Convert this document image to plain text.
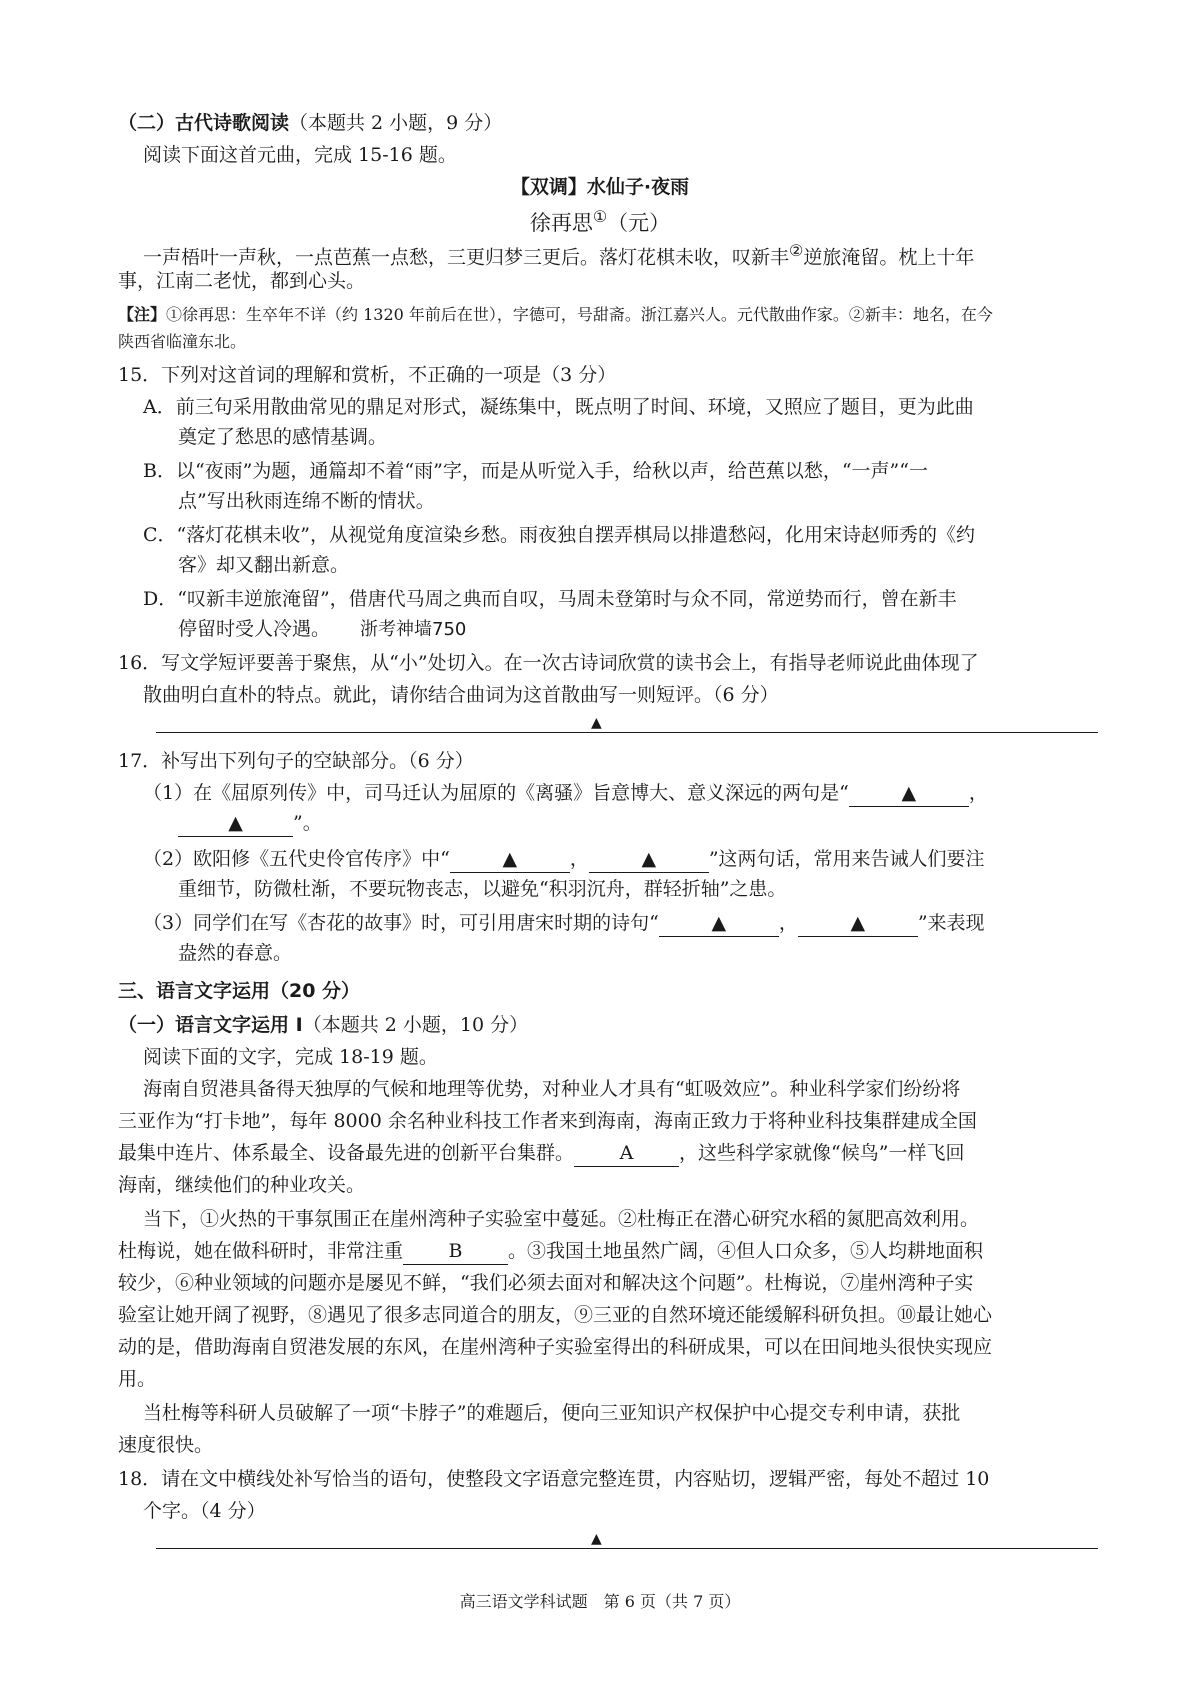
（二）古代诗歌阅读（本题共 2 小题，9 分）
阅读下面这首元曲，完成 15-16 题。
【双调】水仙子·夜雨
徐再思①（元）
一声梧叶一声秋，一点芭蕉一点愁，三更归梦三更后。落灯花棋未收，叹新丰②逆旅淹留。枕上十年
事，江南二老忧，都到心头。
【注】①徐再思：生卒年不详（约 1320 年前后在世），字德可，号甜斋。浙江嘉兴人。元代散曲作家。②新丰：地名，在今
陕西省临潼东北。
15．下列对这首词的理解和赏析，不正确的一项是（3 分）
A．前三句采用散曲常见的鼎足对形式，凝练集中，既点明了时间、环境，又照应了题目，更为此曲
奠定了愁思的感情基调。
B．以“夜雨”为题，通篇却不着“雨”字，而是从听觉入手，给秋以声，给芭蕉以愁，“一声”“一
点”写出秋雨连绵不断的情状。
C．“落灯花棋未收”，从视觉角度渲染乡愁。雨夜独自摆弄棋局以排遣愁闷，化用宋诗赵师秀的《约
客》却又翻出新意。
D．“叹新丰逆旅淹留”，借唐代马周之典而自叹，马周未登第时与众不同，常逆势而行，曾在新丰
停留时受人冷遇。 浙考神墙750
16．写文学短评要善于聚焦，从“小”处切入。在一次古诗词欣赏的读书会上，有指导老师说此曲体现了
散曲明白直朴的特点。就此，请你结合曲词为这首散曲写一则短评。（6 分）
▲
17．补写出下列句子的空缺部分。（6 分）
（1）在《屈原列传》中，司马迁认为屈原的《离骚》旨意博大、意义深远的两句是“	▲	，
▲	”。
（2）欧阳修《五代史伶官传序》中“	▲	，	▲	”这两句话，常用来告诫人们要注
重细节，防微杜渐，不要玩物丧志，以避免“积羽沉舟，群轻折轴”之患。
（3）同学们在写《杏花的故事》时，可引用唐宋时期的诗句“	▲	，	▲	”来表现
盎然的春意。
三、语言文字运用（20 分）
（一）语言文字运用 Ⅰ（本题共 2 小题，10 分）
阅读下面的文字，完成 18-19 题。
海南自贸港具备得天独厚的气候和地理等优势，对种业人才具有“虹吸效应”。种业科学家们纷纷将
三亚作为“打卡地”，每年 8000 余名种业科技工作者来到海南，海南正致力于将种业科技集群建成全国
最集中连片、体系最全、设备最先进的创新平台集群。 A ，这些科学家就像“候鸟”一样飞回
海南，继续他们的种业攻关。
当下，①火热的干事氛围正在崖州湾种子实验室中蔓延。②杜梅正在潜心研究水稻的氮肥高效利用。
杜梅说，她在做科研时，非常注重 B 。③我国土地虽然广阔，④但人口众多，⑤人均耕地面积
较少，⑥种业领域的问题亦是屡见不鲜，“我们必须去面对和解决这个问题”。杜梅说，⑦崖州湾种子实
验室让她开阔了视野，⑧遇见了很多志同道合的朋友，⑨三亚的自然环境还能缓解科研负担。⑩最让她心
动的是，借助海南自贸港发展的东风，在崖州湾种子实验室得出的科研成果，可以在田间地头很快实现应
用。
当杜梅等科研人员破解了一项“卡脖子”的难题后，便向三亚知识产权保护中心提交专利申请，获批
速度很快。
18．请在文中横线处补写恰当的语句，使整段文字语意完整连贯，内容贴切，逻辑严密，每处不超过 10
个字。（4 分）
▲
高三语文学科试题　第 6 页（共 7 页）
